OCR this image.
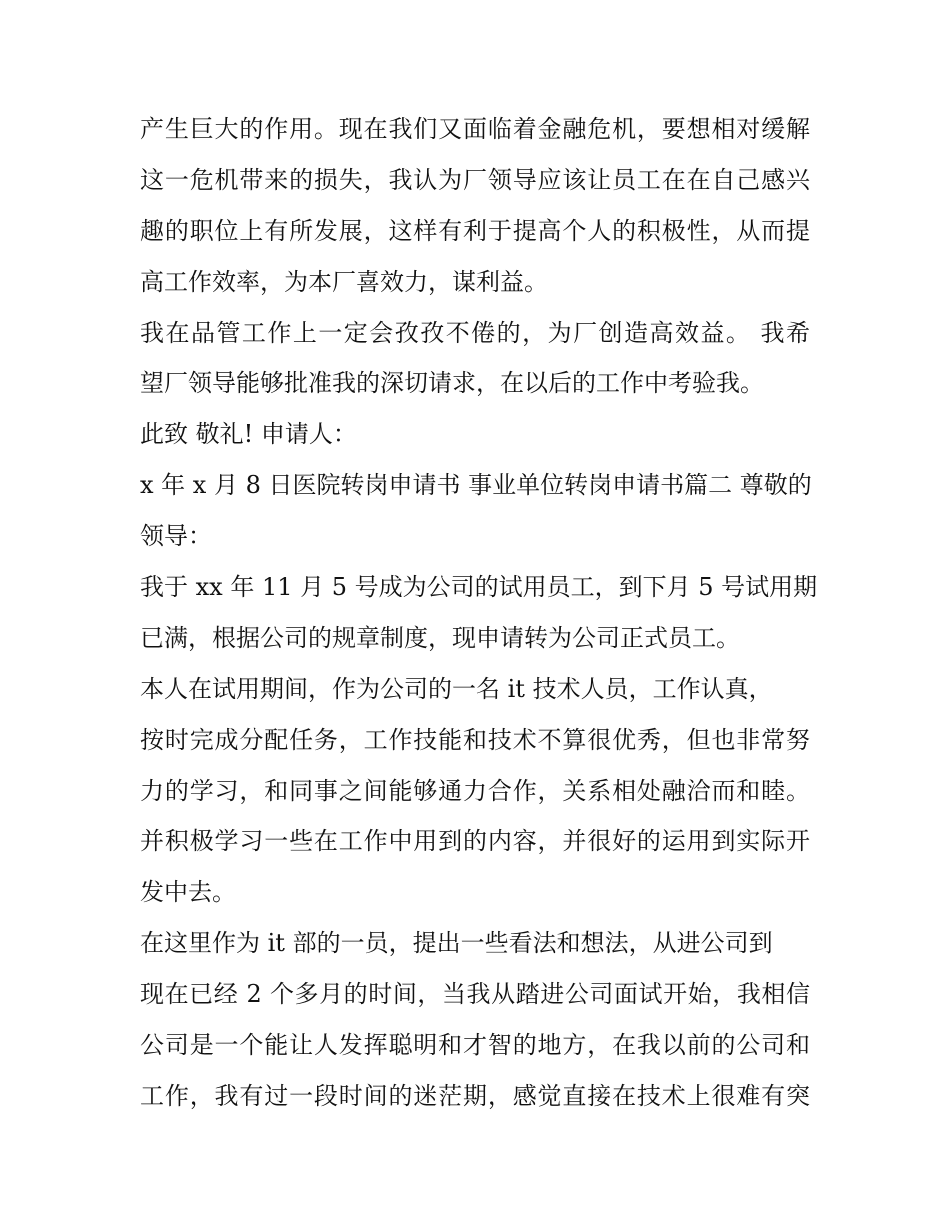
产生巨大的作用。现在我们又面临着金融危机，要想相对缓解
这一危机带来的损失，我认为厂领导应该让员工在在自己感兴
趣的职位上有所发展，这样有利于提高个人的积极性，从而提
高工作效率，为本厂喜效力，谋利益。
我在品管工作上一定会孜孜不倦的，为厂创造高效益。 我希
望厂领导能够批准我的深切请求，在以后的工作中考验我。
此致 敬礼! 申请人：
x 年 x 月 8 日医院转岗申请书 事业单位转岗申请书篇二 尊敬的
领导：
我于 xx 年 11 月 5 号成为公司的试用员工，到下月 5 号试用期
已满，根据公司的规章制度，现申请转为公司正式员工。
本人在试用期间，作为公司的一名 it 技术人员，工作认真，
按时完成分配任务，工作技能和技术不算很优秀，但也非常努
力的学习，和同事之间能够通力合作，关系相处融洽而和睦。
并积极学习一些在工作中用到的内容，并很好的运用到实际开
发中去。
在这里作为 it 部的一员，提出一些看法和想法，从进公司到
现在已经 2 个多月的时间，当我从踏进公司面试开始，我相信
公司是一个能让人发挥聪明和才智的地方，在我以前的公司和
工作，我有过一段时间的迷茫期，感觉直接在技术上很难有突
